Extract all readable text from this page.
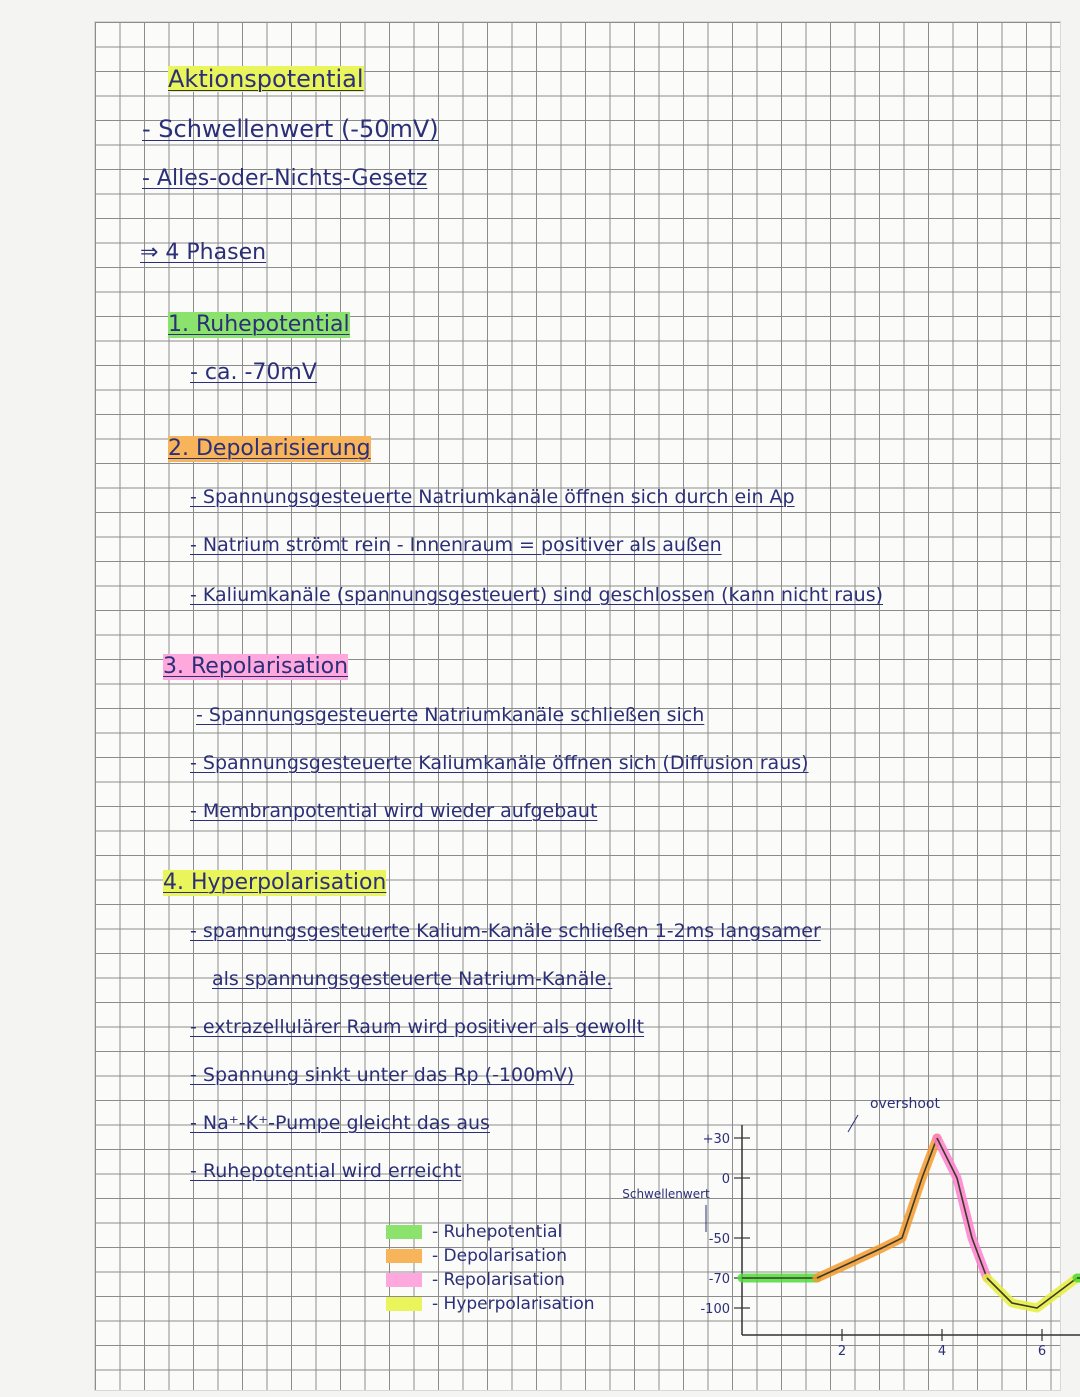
Aktionspotential
- Schwellenwert (-50mV)
- Alles-oder-Nichts-Gesetz
⇒ 4 Phasen
1. Ruhepotential
- ca. -70mV
2. Depolarisierung
- Spannungsgesteuerte Natriumkanäle öffnen sich durch ein Ap
- Natrium strömt rein - Innenraum = positiver als außen
- Kaliumkanäle (spannungsgesteuert) sind geschlossen (kann nicht raus)
3. Repolarisation
- Spannungsgesteuerte Natriumkanäle schließen sich
- Spannungsgesteuerte Kaliumkanäle öffnen sich (Diffusion raus)
- Membranpotential wird wieder aufgebaut
4. Hyperpolarisation
- spannungsgesteuerte Kalium-Kanäle schließen 1-2ms langsamer
als spannungsgesteuerte Natrium-Kanäle.
- extrazellulärer Raum wird positiver als gewollt
- Spannung sinkt unter das Rp (-100mV)
- Na⁺-K⁺-Pumpe gleicht das aus
- Ruhepotential wird erreicht
- Ruhepotential
- Depolarisation
- Repolarisation
- Hyperpolarisation
+30
0
-50
-70
-100
2	4	6
Schwellenwert
overshoot
